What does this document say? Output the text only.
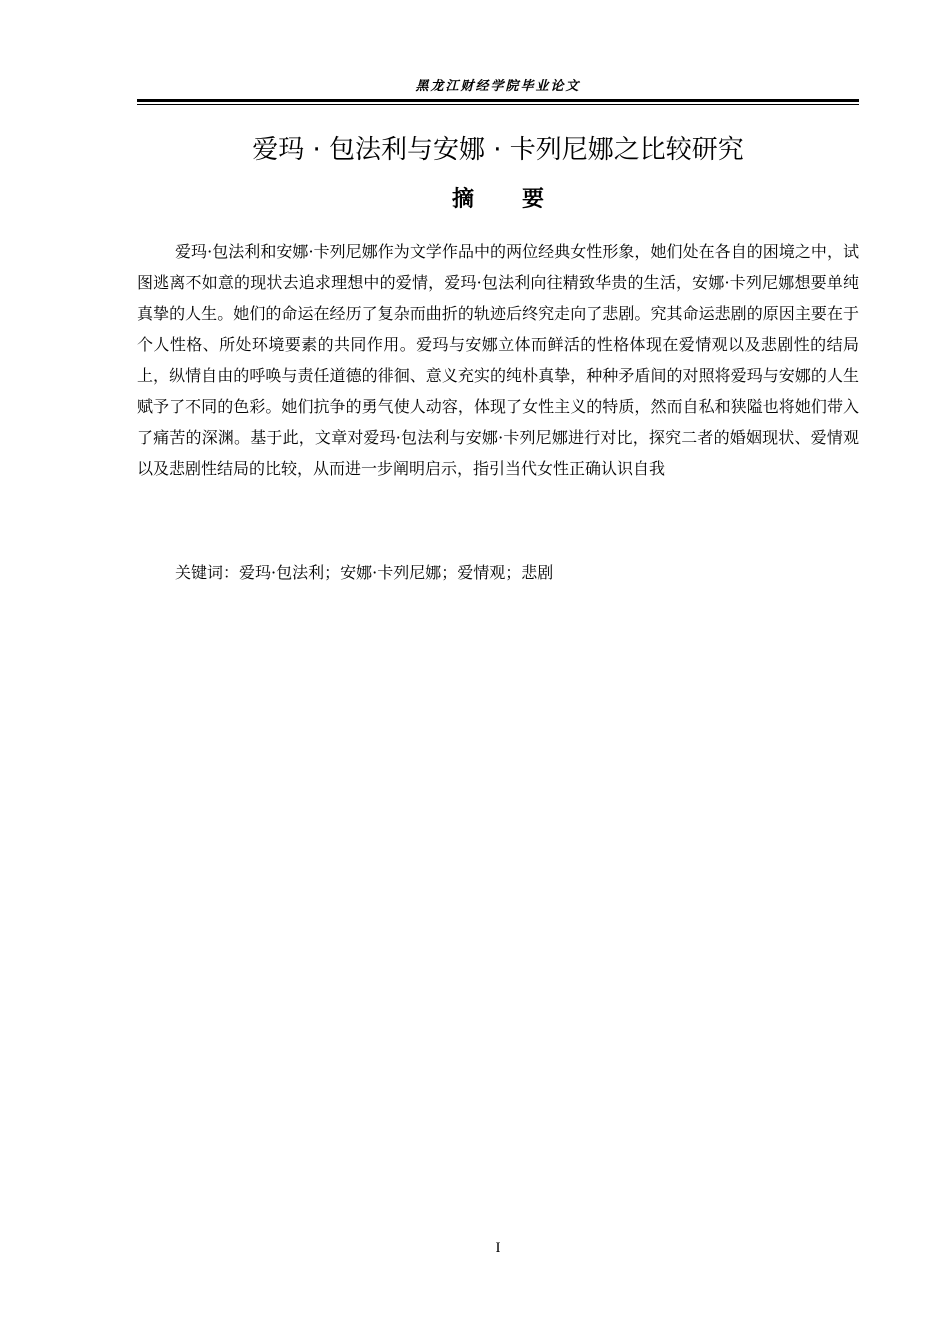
黑龙江财经学院毕业论文
爱玛 · 包法利与安娜 · 卡列尼娜之比较研究
摘要

爱玛·包法利和安娜·卡列尼娜作为文学作品中的两位经典女性形象，她们处在各自的困境之中，试图逃离不如意的现状去追求理想中的爱情，爱玛·包法利向往精致华贵的生活，安娜·卡列尼娜想要单纯真挚的人生。她们的命运在经历了复杂而曲折的轨迹后终究走向了悲剧。究其命运悲剧的原因主要在于个人性格、所处环境要素的共同作用。爱玛与安娜立体而鲜活的性格体现在爱情观以及悲剧性的结局上，纵情自由的呼唤与责任道德的徘徊、意义充实的纯朴真挚，种种矛盾间的对照将爱玛与安娜的人生赋予了不同的色彩。她们抗争的勇气使人动容，体现了女性主义的特质，然而自私和狭隘也将她们带入了痛苦的深渊。基于此，文章对爱玛·包法利与安娜·卡列尼娜进行对比，探究二者的婚姻现状、爱情观以及悲剧性结局的比较，从而进一步阐明启示，指引当代女性正确认识自我

关键词：爱玛·包法利；安娜·卡列尼娜；爱情观；悲剧
I
